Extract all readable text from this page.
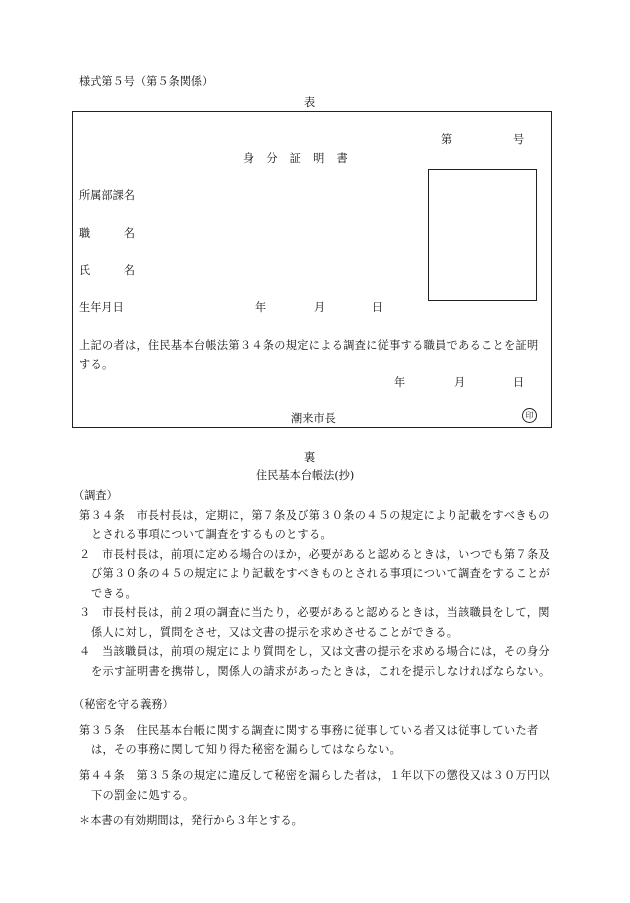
様式第５号（第５条関係）
表
第	号
身　分　証　明　書
所属部課名
職　　　名
氏　　　名
生年月日	年	月	日
上記の者は，住民基本台帳法第３４条の規定による調査に従事する職員であることを証明する。
年	月	日
潮来市長	印
裏
住民基本台帳法(抄)
（調査）
第３４条　市長村長は，定期に，第７条及び第３０条の４５の規定により記載をすべきものとされる事項について調査をするものとする。
２　市長村長は，前項に定める場合のほか，必要があると認めるときは，いつでも第７条及び第３０条の４５の規定により記載をすべきものとされる事項について調査をすることができる。
３　市長村長は，前２項の調査に当たり，必要があると認めるときは，当該職員をして，関係人に対し，質問をさせ，又は文書の提示を求めさせることができる。
４　当該職員は，前項の規定により質問をし，又は文書の提示を求める場合には，その身分を示す証明書を携帯し，関係人の請求があったときは，これを提示しなければならない。
（秘密を守る義務）
第３５条　住民基本台帳に関する調査に関する事務に従事している者又は従事していた者は，その事務に関して知り得た秘密を漏らしてはならない。
第４４条　第３５条の規定に違反して秘密を漏らした者は，１年以下の懲役又は３０万円以下の罰金に処する。
＊本書の有効期間は，発行から３年とする。
